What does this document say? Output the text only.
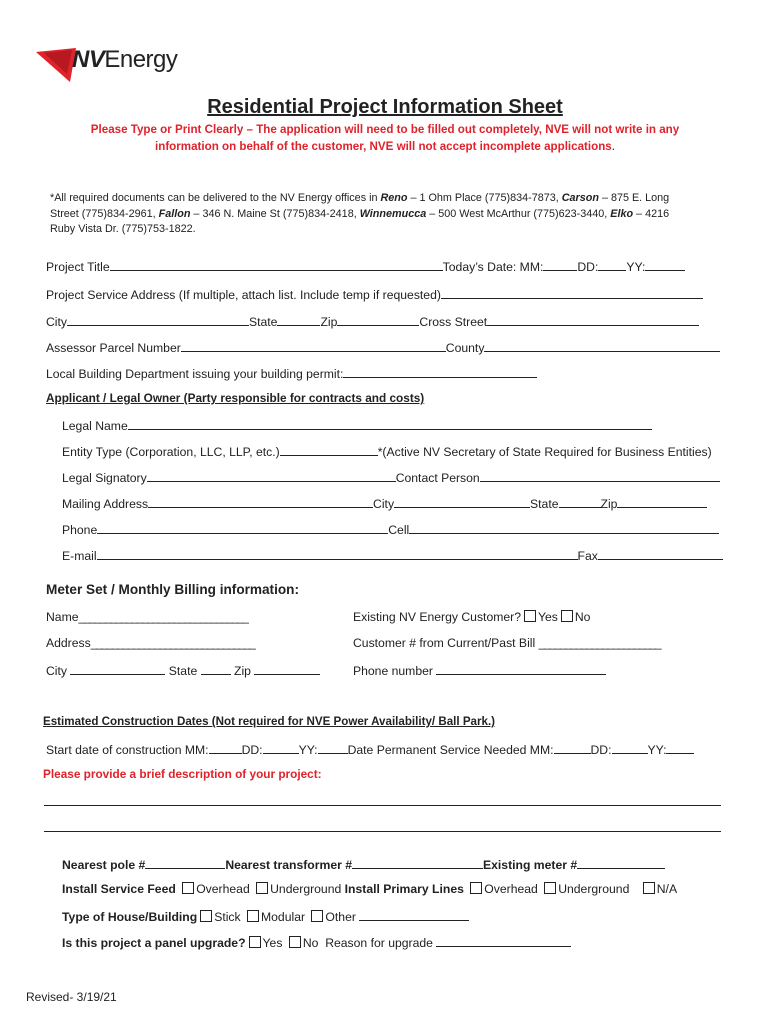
NVEnergy
Residential Project Information Sheet
Please Type or Print Clearly – The application will need to be filled out completely, NVE will not write in any
information on behalf of the customer, NVE will not accept incomplete applications.
*All required documents can be delivered to the NV Energy offices in Reno – 1 Ohm Place (775)834-7873, Carson – 875 E. Long
Street (775)834-2961, Fallon – 346 N. Maine St (775)834-2418, Winnemucca – 500 West McArthur (775)623-3440, Elko – 4216
Ruby Vista Dr. (775)753-1822.
Project Title	Today’s Date: MM:	DD: YY:
Project Service Address (If multiple, attach list. Include temp if requested)
City	State	Zip	Cross Street
Assessor Parcel Number	County
Local Building Department issuing your building permit:
Applicant / Legal Owner (Party responsible for contracts and costs)
Legal Name
Entity Type (Corporation, LLC, LLP, etc.)	*(Active NV Secretary of State Required for Business Entities)
Legal Signatory	Contact Person
Mailing Address	City	State	Zip
Phone	Cell
E-mail	Fax
Meter Set / Monthly Billing information:
Name________________________________	Existing NV Energy Customer? Yes No
Address_______________________________	Customer # from Current/Past Bill _______________________
City	State	Zip	Phone number
Estimated Construction Dates (Not required for NVE Power Availability/ Ball Park.)
Start date of construction MM:	DD:	YY: Date Permanent Service Needed MM:	DD:	YY:
Please provide a brief description of your project:
Nearest pole #	Nearest transformer #	Existing meter #
Install Service Feed Overhead Underground Install Primary Lines Overhead Underground N/A
Type of House/Building Stick Modular Other
Is this project a panel upgrade? Yes No Reason for upgrade
Revised- 3/19/21
